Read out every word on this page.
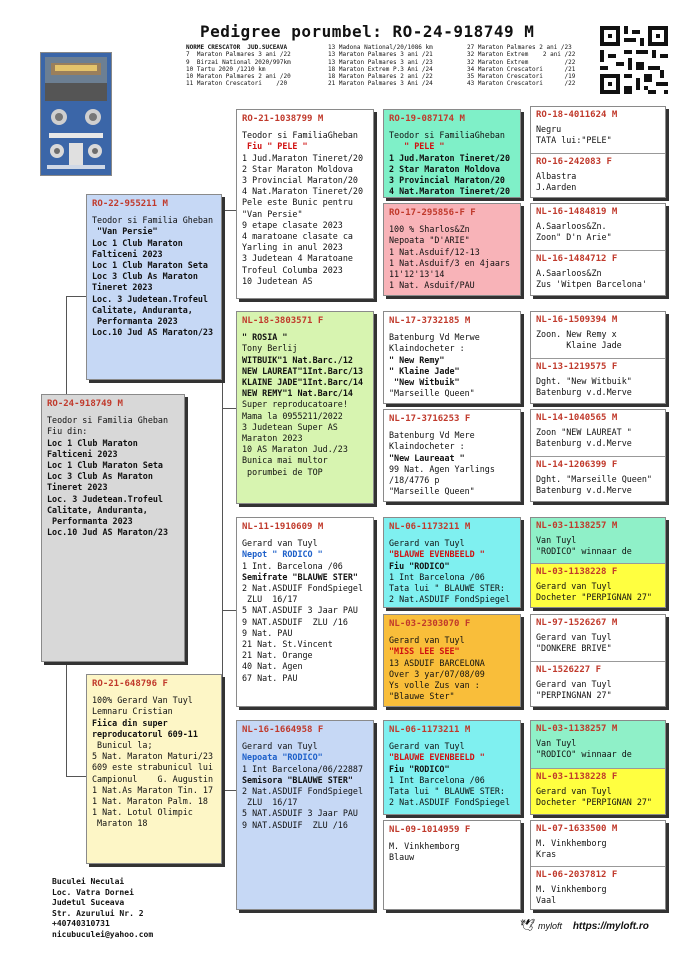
Pedigree porumbel: RO-24-918749 M
NORME CRESCATOR  JUD.SUCEAVA
7  Maraton Palmares 3 ani /22
9  Birzai National 2020/997km
10 Tartu 2020 /1210 km
10 Maraton Palmares 2 ani /20
11 Maraton Crescatori    /20
13 Madona National/20/1086 km
13 Maraton Palmares 3 ani /21
13 Maraton Palmares 3 ani /23
18 Maraton Extrem P.3 Ani /24
18 Maraton Palmares 2 ani /22
21 Maraton Palmares 3 Ani /24
27 Maraton Palmares 2 ani /23
32 Maraton Extrem    2 ani /22
32 Maraton Extrem          /22
34 Maraton Crescatori      /21
35 Maraton Crescatori      /19
43 Maraton Crescatori      /22
RO-24-918749 M
Teodor si Familia Gheban
Fiu din:
Loc 1 Club Maraton
Falticeni 2023
Loc 1 Club Maraton Seta
Loc 3 Club As Maraton
Tineret 2023
Loc. 3 Judetean.Trofeul
Calitate, Anduranta,
Performanta 2023
Loc.10 Jud AS Maraton/23
RO-22-955211 M
Teodor si Familia Gheban
"Van Persie"
Loc 1 Club Maraton
Falticeni 2023
Loc 1 Club Maraton Seta
Loc 3 Club As Maraton
Tineret 2023
Loc. 3 Judetean.Trofeul
Calitate, Anduranta,
Performanta 2023
Loc.10 Jud AS Maraton/23
RO-21-648796 F
100% Gerard Van Tuyl
Lemnaru Cristian
Fiica din super
reproducatorul 609-11
Bunicul la;
5 Nat. Maraton Maturi/23
609 este strabunicul lui
Campionul    G. Augustin
1 Nat.As Maraton Tin. 17
1 Nat. Maraton Palm. 18
1 Nat. Lotul Olimpic
Maraton 18
RO-21-1038799 M
Teodor si FamiliaGheban
Fiu " PELE "
1 Jud.Maraton Tineret/20
2 Star Maraton Moldova
3 Provincial Maraton/20
4 Nat.Maraton Tineret/20
Pele este Bunic pentru
"Van Persie"
9 etape clasate 2023
4 maratoane clasate ca
Yarling in anul 2023
3 Judetean 4 Maratoane
Trofeul Columba 2023
10 Judetean AS
NL-18-3803571 F
" ROSIA "
Tony Berlij
WITBUIK"1 Nat.Barc./12
NEW LAUREAT"1Int.Barc/13
KLAINE JADE"1Int.Barc/14
NEW REMY"1 Nat.Barc/14
Super reproducatoare!
Mama la 0955211/2022
3 Judetean Super AS
Maraton 2023
10 AS Maraton Jud./23
Bunica mai multor
porumbei de TOP
NL-11-1910609 M
Gerard van Tuyl
Nepot " RODICO "
1 Int. Barcelona /06
Semifrate "BLAUWE STER"
2 Nat.ASDUIF FondSpiegel
ZLU  16/17
5 NAT.ASDUIF 3 Jaar PAU
9 NAT.ASDUIF  ZLU /16
9 Nat. PAU
21 Nat. St.Vincent
21 Nat. Orange
40 Nat. Agen
67 Nat. PAU
NL-16-1664958 F
Gerard van Tuyl
Nepoata "RODICO"
1 Int Barcelona/06/22887
Semisora "BLAUWE STER"
2 Nat.ASDUIF FondSpiegel
ZLU  16/17
5 NAT.ASDUIF 3 Jaar PAU
9 NAT.ASDUIF  ZLU /16
RO-19-087174 M
Teodor si FamiliaGheban
" PELE "
1 Jud.Maraton Tineret/20
2 Star Maraton Moldova
3 Provincial Maraton/20
4 Nat.Maraton Tineret/20
RO-17-295856-F F
100 % Sharlos&Zn
Nepoata "D'ARIE"
1 Nat.Asduif/12-13
1 Nat.Asduif/3 en 4jaars
11'12'13'14
1 Nat. Asduif/PAU
NL-17-3732185 M
Batenburg Vd Merwe
Klaindocheter :
" New Remy"
" Klaine Jade"
"New Witbuik"
"Marseille Queen"
NL-17-3716253 F
Batenburg Vd Mere
Klaindocheter :
"New Laureaat "
99 Nat. Agen Yarlings
/18/4776 p
"Marseille Queen"
NL-06-1173211 M
Gerard van Tuyl
"BLAUWE EVENBEELD "
Fiu "RODICO"
1 Int Barcelona /06
Tata lui " BLAUWE STER:
2 Nat.ASDUIF FondSpiegel
NL-03-2303070 F
Gerard van Tuyl
"MISS LEE SEE"
13 ASDUIF BARCELONA
Over 3 yar/07/08/09
Ys volle Zus van :
"Blauwe Ster"
NL-06-1173211 M
Gerard van Tuyl
"BLAUWE EVENBEELD "
Fiu "RODICO"
1 Int Barcelona /06
Tata lui " BLAUWE STER:
2 Nat.ASDUIF FondSpiegel
NL-09-1014959 F
M. Vinkhemborg
Blauw
RO-18-4011624 M
Negru
TATA lui:"PELE"
RO-16-242083 F
Albastra
J.Aarden
NL-16-1484819 M
A.Saarloos&Zn.
Zoon" D'n Arie"
NL-16-1484712 F
A.Saarloos&Zn
Zus 'Witpen Barcelona'
NL-16-1509394 M
Zoon. New Remy x
Klaine Jade
NL-13-1219575 F
Dght. "New Witbuik"
Batenburg v.d.Merve
NL-14-1040565 M
Zoon "NEW LAUREAT "
Batenburg v.d.Merve
NL-14-1206399 F
Dght. "Marseille Queen"
Batenburg v.d.Merve
NL-03-1138257 M
Van Tuyl
"RODICO" winnaar de
NL-03-1138228 F
Gerard van Tuyl
Docheter "PERPIGNAN 27"
NL-97-1526267 M
Gerard van Tuyl
"DONKERE BRIVE"
NL-1526227 F
Gerard van Tuyl
"PERPINGNAN 27"
NL-03-1138257 M
Van Tuyl
"RODICO" winnaar de
NL-03-1138228 F
Gerard van Tuyl
Docheter "PERPIGNAN 27"
NL-07-1633500 M
M. Vinkhemborg
Kras
NL-06-2037812 F
M. Vinkhemborg
Vaal
Buculei Neculai
Loc. Vatra Dornei
Judetul Suceava
Str. Azurului Nr. 2
+40740310731
nicubuculei@yahoo.com
🕊 myloft https://myloft.ro
